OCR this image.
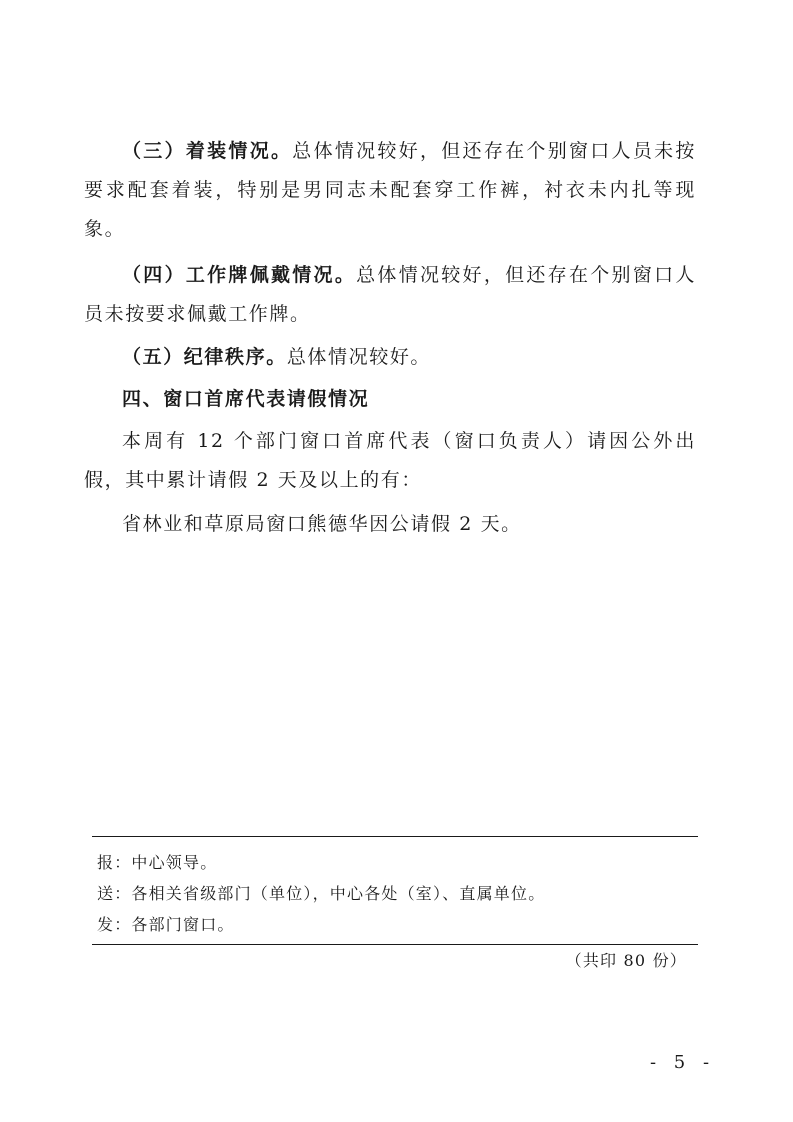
（三）着装情况。总体情况较好，但还存在个别窗口人员未按要求配套着装，特别是男同志未配套穿工作裤，衬衣未内扎等现象。

（四）工作牌佩戴情况。总体情况较好，但还存在个别窗口人员未按要求佩戴工作牌。

（五）纪律秩序。总体情况较好。

四、窗口首席代表请假情况

本周有 12 个部门窗口首席代表（窗口负责人）请因公外出假，其中累计请假 2 天及以上的有：

省林业和草原局窗口熊德华因公请假 2 天。

报：中心领导。

送：各相关省级部门（单位），中心各处（室）、直属单位。

发：各部门窗口。

（共印 80 份）

- 5 -
